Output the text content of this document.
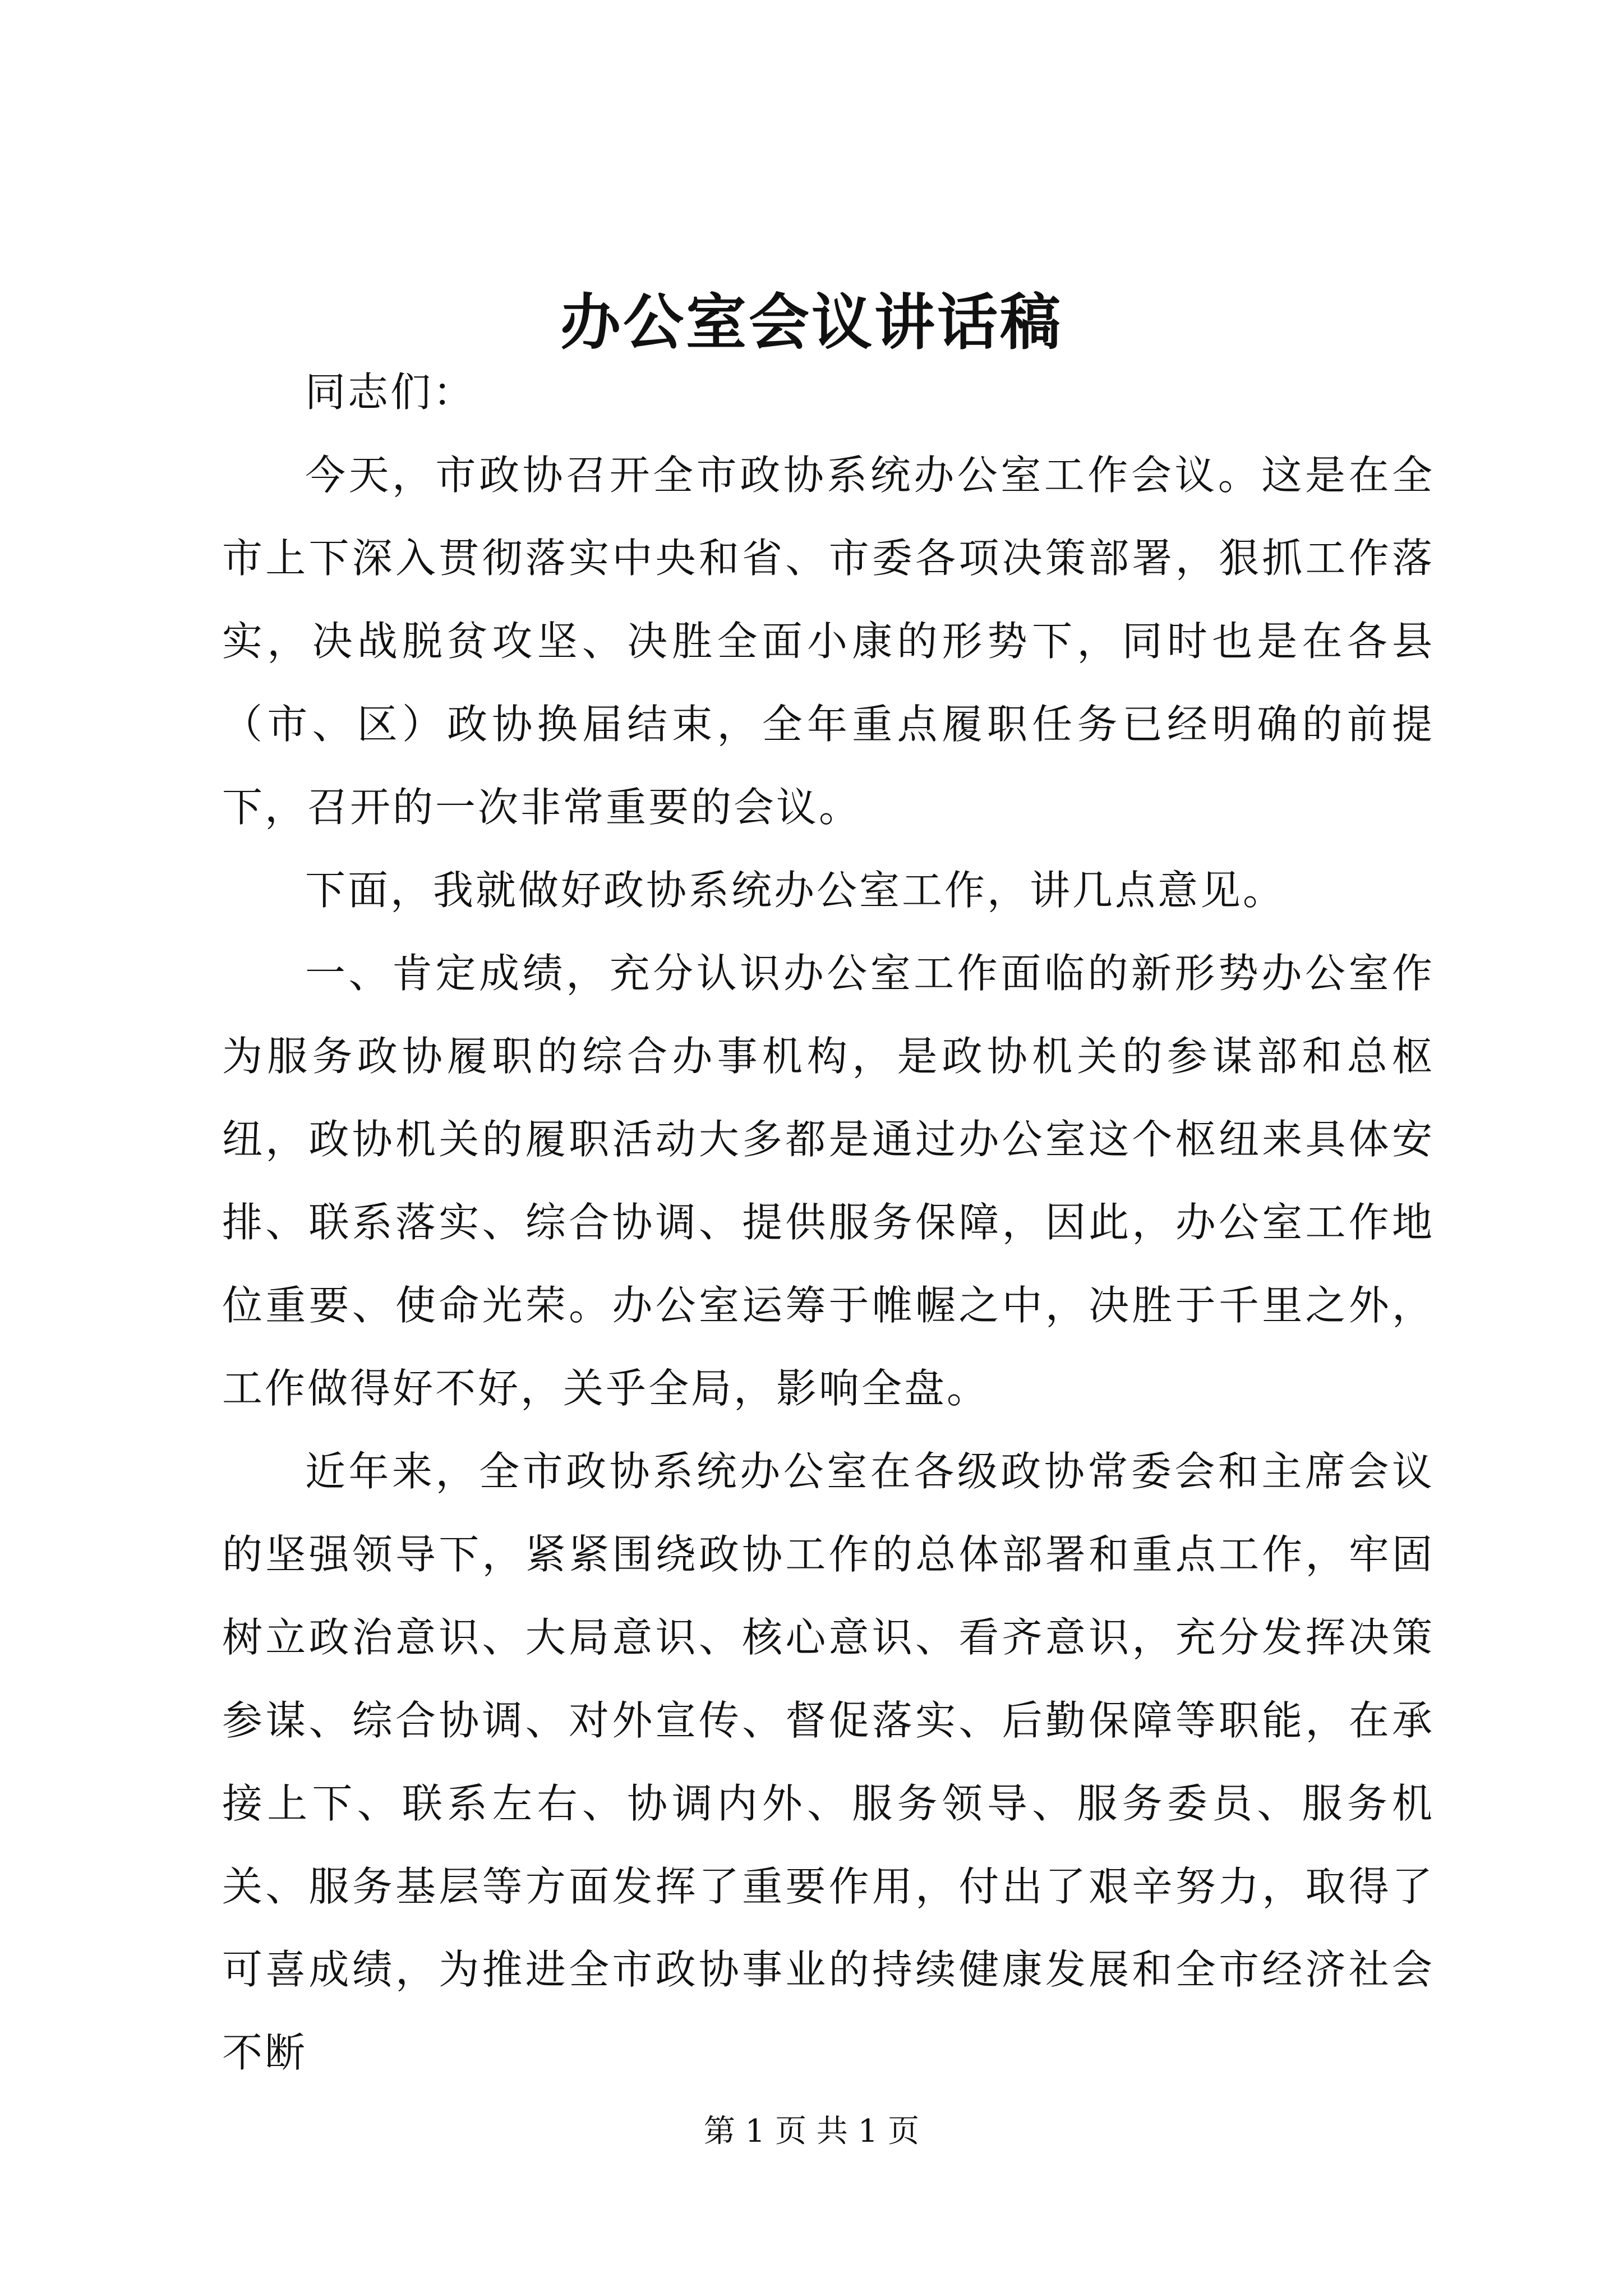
办公室会议讲话稿

同志们：

今天，市政协召开全市政协系统办公室工作会议。这是在全市上下深入贯彻落实中央和省、市委各项决策部署，狠抓工作落实，决战脱贫攻坚、决胜全面小康的形势下，同时也是在各县（市、区）政协换届结束，全年重点履职任务已经明确的前提下，召开的一次非常重要的会议。

下面，我就做好政协系统办公室工作，讲几点意见。

一、肯定成绩，充分认识办公室工作面临的新形势办公室作为服务政协履职的综合办事机构，是政协机关的参谋部和总枢纽，政协机关的履职活动大多都是通过办公室这个枢纽来具体安排、联系落实、综合协调、提供服务保障，因此，办公室工作地位重要、使命光荣。办公室运筹于帷幄之中，决胜于千里之外，工作做得好不好，关乎全局，影响全盘。

近年来，全市政协系统办公室在各级政协常委会和主席会议的坚强领导下，紧紧围绕政协工作的总体部署和重点工作，牢固树立政治意识、大局意识、核心意识、看齐意识，充分发挥决策参谋、综合协调、对外宣传、督促落实、后勤保障等职能，在承接上下、联系左右、协调内外、服务领导、服务委员、服务机关、服务基层等方面发挥了重要作用，付出了艰辛努力，取得了可喜成绩，为推进全市政协事业的持续健康发展和全市经济社会不断

第 1 页 共 1 页
